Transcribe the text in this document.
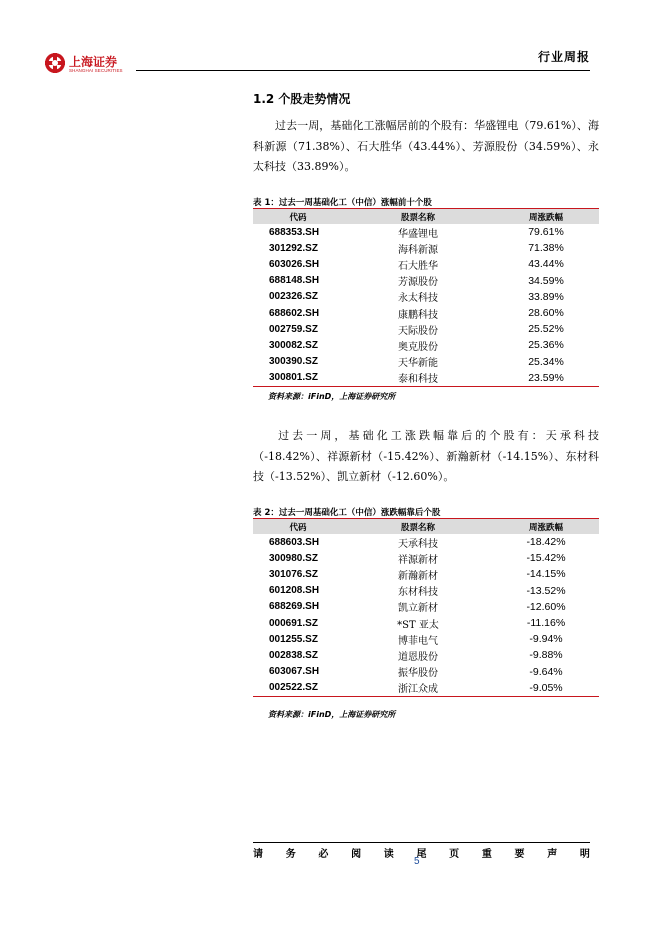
上海证券
SHANGHAI SECURITIES
行业周报
1.2 个股走势情况
过去一周，基础化工涨幅居前的个股有：华盛锂电（79.61%）、海科新源（71.38%）、石大胜华（43.44%）、芳源股份（34.59%）、永太科技（33.89%）。
表 1：过去一周基础化工（中信）涨幅前十个股
代码	股票名称	周涨跌幅
688353.SH	华盛锂电	79.61%
301292.SZ	海科新源	71.38%
603026.SH	石大胜华	43.44%
688148.SH	芳源股份	34.59%
002326.SZ	永太科技	33.89%
688602.SH	康鹏科技	28.60%
002759.SZ	天际股份	25.52%
300082.SZ	奥克股份	25.36%
300390.SZ	天华新能	25.34%
300801.SZ	泰和科技	23.59%
资料来源：iFinD，上海证券研究所
过去一周，基础化工涨跌幅靠后的个股有：天承科技（-18.42%）、祥源新材（-15.42%）、新瀚新材（-14.15%）、东材科技（-13.52%）、凯立新材（-12.60%）。
表 2：过去一周基础化工（中信）涨跌幅靠后个股
代码	股票名称	周涨跌幅
688603.SH	天承科技	-18.42%
300980.SZ	祥源新材	-15.42%
301076.SZ	新瀚新材	-14.15%
601208.SH	东材科技	-13.52%
688269.SH	凯立新材	-12.60%
000691.SZ	*ST 亚太	-11.16%
001255.SZ	博菲电气	-9.94%
002838.SZ	道恩股份	-9.88%
603067.SH	振华股份	-9.64%
002522.SZ	浙江众成	-9.05%
资料来源：iFinD，上海证券研究所
请 务 必 阅 读 尾 页 重 要 声 明
5
